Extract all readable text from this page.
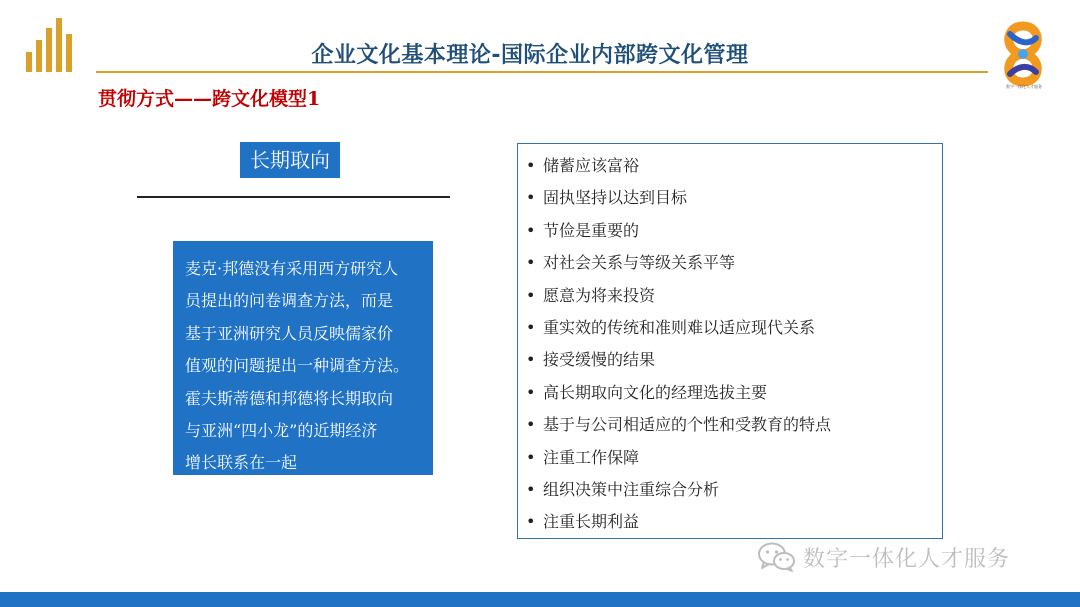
企业文化基本理论-国际企业内部跨文化管理
数字一体化人才服务
贯彻方式——跨文化模型1
长期取向
麦克·邦德没有采用西方研究人
员提出的问卷调查方法，而是
基于亚洲研究人员反映儒家价
值观的问题提出一种调查方法。
霍夫斯蒂德和邦德将长期取向
与亚洲“四小龙”的近期经济
增长联系在一起
• 储蓄应该富裕
• 固执坚持以达到目标
• 节俭是重要的
• 对社会关系与等级关系平等
• 愿意为将来投资
• 重实效的传统和准则难以适应现代关系
• 接受缓慢的结果
• 高长期取向文化的经理选拔主要
• 基于与公司相适应的个性和受教育的特点
• 注重工作保障
• 组织决策中注重综合分析
• 注重长期利益
数字一体化人才服务
